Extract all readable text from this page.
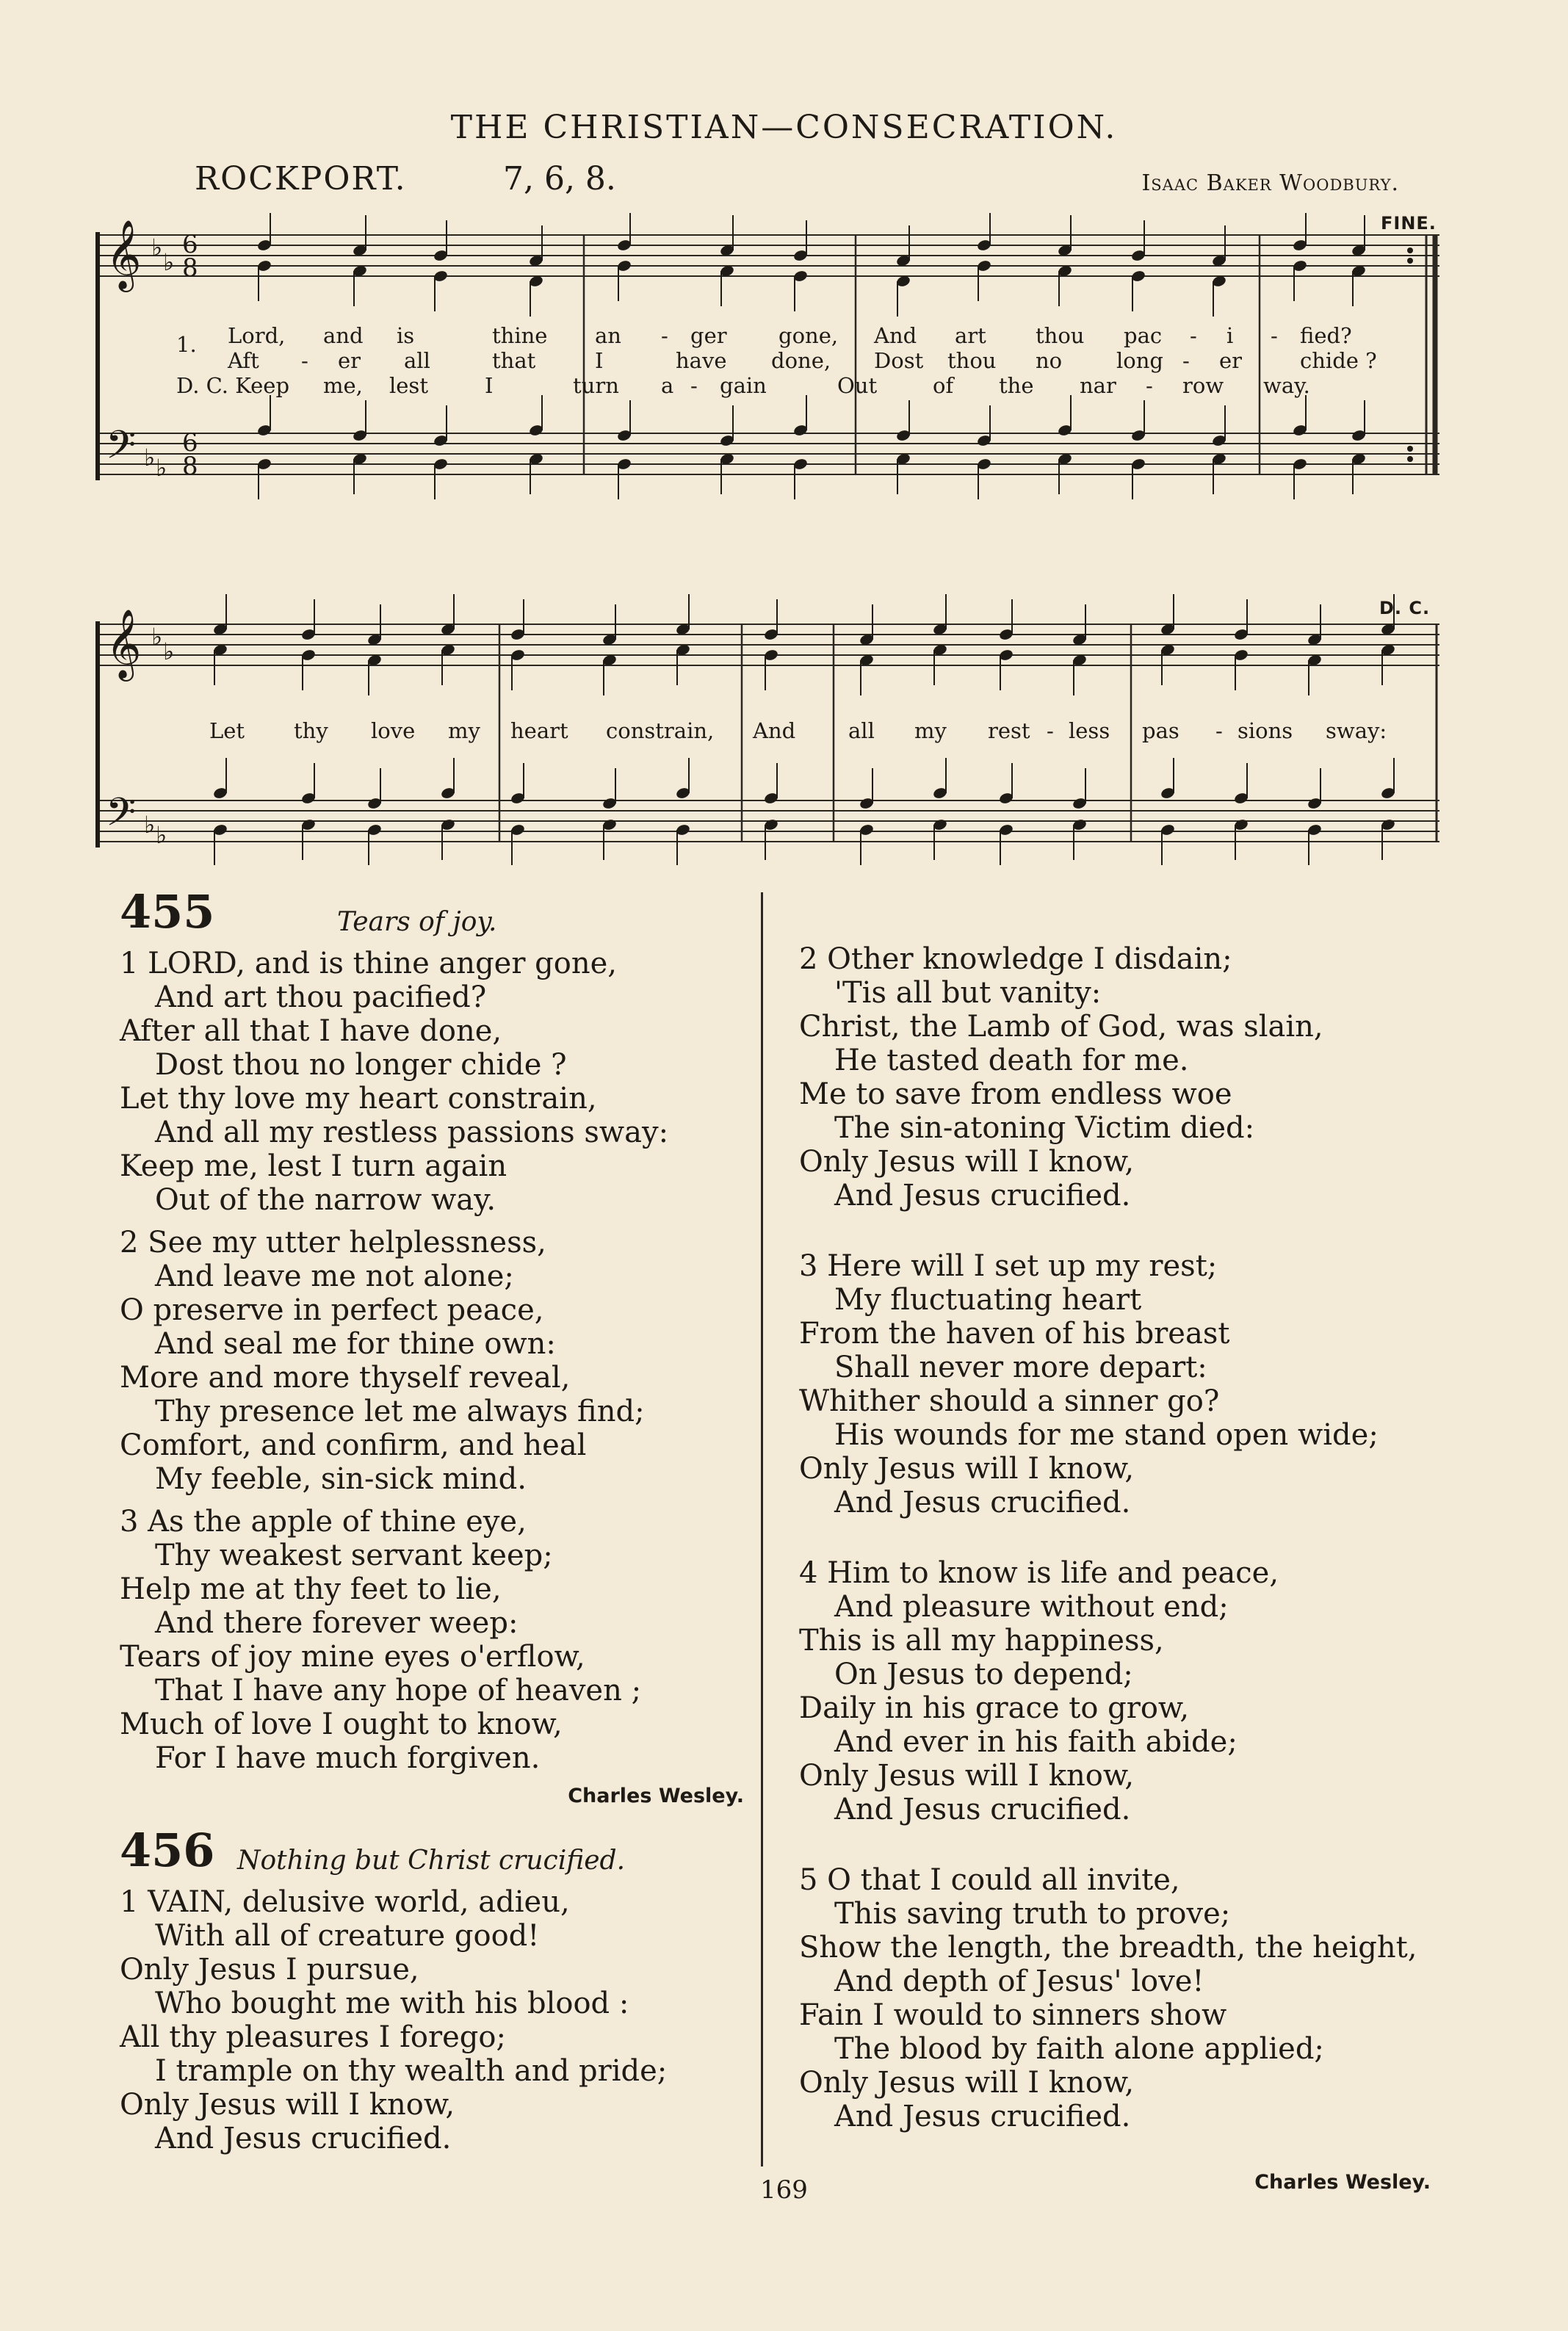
THE CHRISTIAN—CONSECRATION.
ROCKPORT.	7, 6, 8.	Isaac Baker Woodbury.
𝄞
𝄢
♭
♭
♭ ♭
6
8
6
8
FINE.
1. Lord, and is	thine an - ger gone, And art thou pac - i - fied?
Aft - er all	that	I	have done, Dost thou no	long - er	chide ?
D. C. Keep me, lest	I	turn a - gain	Out	of the nar - row way.
𝄞
𝄢
♭
♭
♭ ♭
D. C.
Let thy love my heart constrain, And all my rest - less pas - sions sway:
455	Tears of joy.
1 LORD, and is thine anger gone,
And art thou pacified?
After all that I have done,
Dost thou no longer chide ?
Let thy love my heart constrain,
And all my restless passions sway:
Keep me, lest I turn again
Out of the narrow way.
2 See my utter helplessness,
And leave me not alone;
O preserve in perfect peace,
And seal me for thine own:
More and more thyself reveal,
Thy presence let me always find;
Comfort, and confirm, and heal
My feeble, sin-sick mind.
3 As the apple of thine eye,
Thy weakest servant keep;
Help me at thy feet to lie,
And there forever weep:
Tears of joy mine eyes o'erflow,
That I have any hope of heaven ;
Much of love I ought to know,
For I have much forgiven.
Charles Wesley.
456 Nothing but Christ crucified.
1 VAIN, delusive world, adieu,
With all of creature good!
Only Jesus I pursue,
Who bought me with his blood :
All thy pleasures I forego;
I trample on thy wealth and pride;
Only Jesus will I know,
And Jesus crucified.
2 Other knowledge I disdain;
'Tis all but vanity:
Christ, the Lamb of God, was slain,
He tasted death for me.
Me to save from endless woe
The sin-atoning Victim died:
Only Jesus will I know,
And Jesus crucified.
3 Here will I set up my rest;
My fluctuating heart
From the haven of his breast
Shall never more depart:
Whither should a sinner go?
His wounds for me stand open wide;
Only Jesus will I know,
And Jesus crucified.
4 Him to know is life and peace,
And pleasure without end;
This is all my happiness,
On Jesus to depend;
Daily in his grace to grow,
And ever in his faith abide;
Only Jesus will I know,
And Jesus crucified.
5 O that I could all invite,
This saving truth to prove;
Show the length, the breadth, the height,
And depth of Jesus' love!
Fain I would to sinners show
The blood by faith alone applied;
Only Jesus will I know,
And Jesus crucified.
Charles Wesley.
169
